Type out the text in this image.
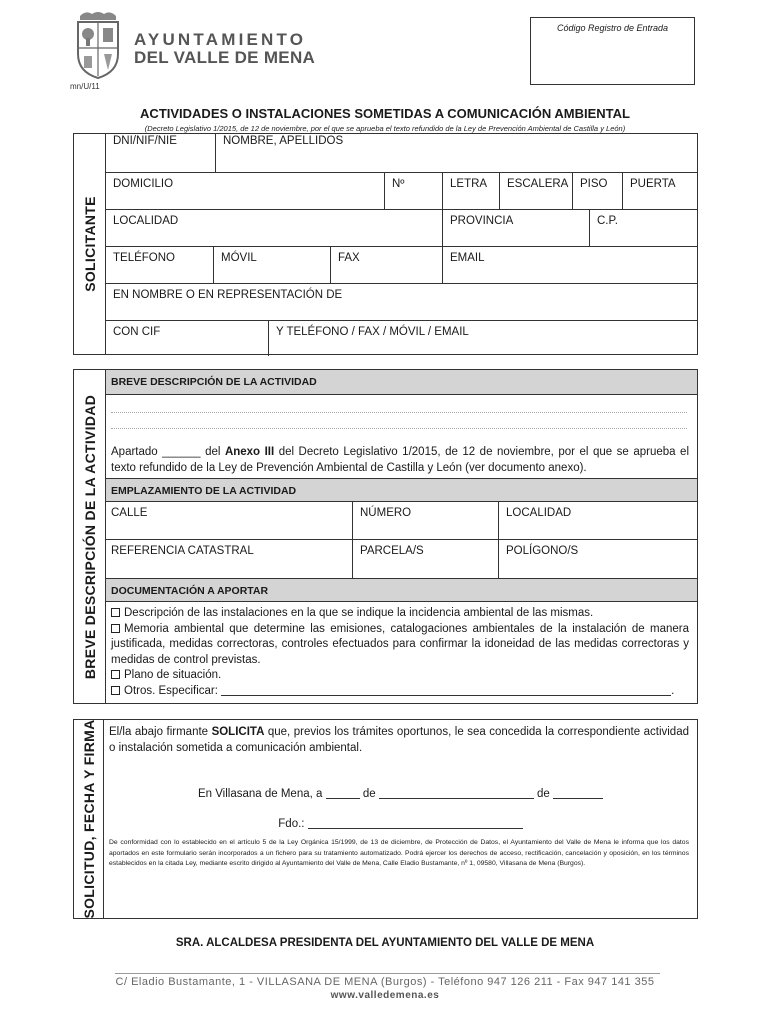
AYUNTAMIENTO
DEL VALLE DE MENA
mn/U/11
Código Registro de Entrada
ACTIVIDADES O INSTALACIONES SOMETIDAS A COMUNICACIÓN AMBIENTAL
(Decreto Legislativo 1/2015, de 12 de noviembre, por el que se aprueba el texto refundido de la Ley de Prevención Ambiental de Castilla y León)
SOLICITANTE
DNI/NIF/NIE	NOMBRE, APELLIDOS
DOMICILIO	Nº	LETRA	ESCALERA	PISO	PUERTA
LOCALIDAD	PROVINCIA	C.P.
TELÉFONO	MÓVIL	FAX	EMAIL
EN NOMBRE O EN REPRESENTACIÓN DE
CON CIF	Y TELÉFONO / FAX / MÓVIL / EMAIL
BREVE DESCRIPCIÓN DE LA ACTIVIDAD
BREVE DESCRIPCIÓN DE LA ACTIVIDAD
Apartado ______ del Anexo III del Decreto Legislativo 1/2015, de 12 de noviembre, por el que se aprueba el texto refundido de la Ley de Prevención Ambiental de Castilla y León (ver documento anexo).
EMPLAZAMIENTO DE LA ACTIVIDAD
CALLE	NÚMERO	LOCALIDAD
REFERENCIA CATASTRAL	PARCELA/S	POLÍGONO/S
DOCUMENTACIÓN A APORTAR
Descripción de las instalaciones en la que se indique la incidencia ambiental de las mismas.
Memoria ambiental que determine las emisiones, catalogaciones ambientales de la instalación de manera justificada, medidas correctoras, controles efectuados para confirmar la idoneidad de las medidas correctoras y medidas de control previstas.
Plano de situación.
Otros. Especificar:	.
SOLICITUD, FECHA Y FIRMA El/la abajo firmante SOLICITA que, previos los trámites oportunos, le sea concedida la correspondiente actividad o instalación sometida a comunicación ambiental.
En Villasana de Mena, a	de	de
Fdo.:
De conformidad con lo establecido en el artículo 5 de la Ley Orgánica 15/1999, de 13 de diciembre, de Protección de Datos, el Ayuntamiento del Valle de Mena le informa que los datos aportados en este formulario serán incorporados a un fichero para su tratamiento automatizado. Podrá ejercer los derechos de acceso, rectificación, cancelación y oposición, en los términos establecidos en la citada Ley, mediante escrito dirigido al Ayuntamiento del Valle de Mena, Calle Eladio Bustamante, nº 1, 09580, Villasana de Mena (Burgos).
SRA. ALCALDESA PRESIDENTA DEL AYUNTAMIENTO DEL VALLE DE MENA
C/ Eladio Bustamante, 1 - VILLASANA DE MENA (Burgos) - Teléfono 947 126 211 - Fax 947 141 355
www.valledemena.es
